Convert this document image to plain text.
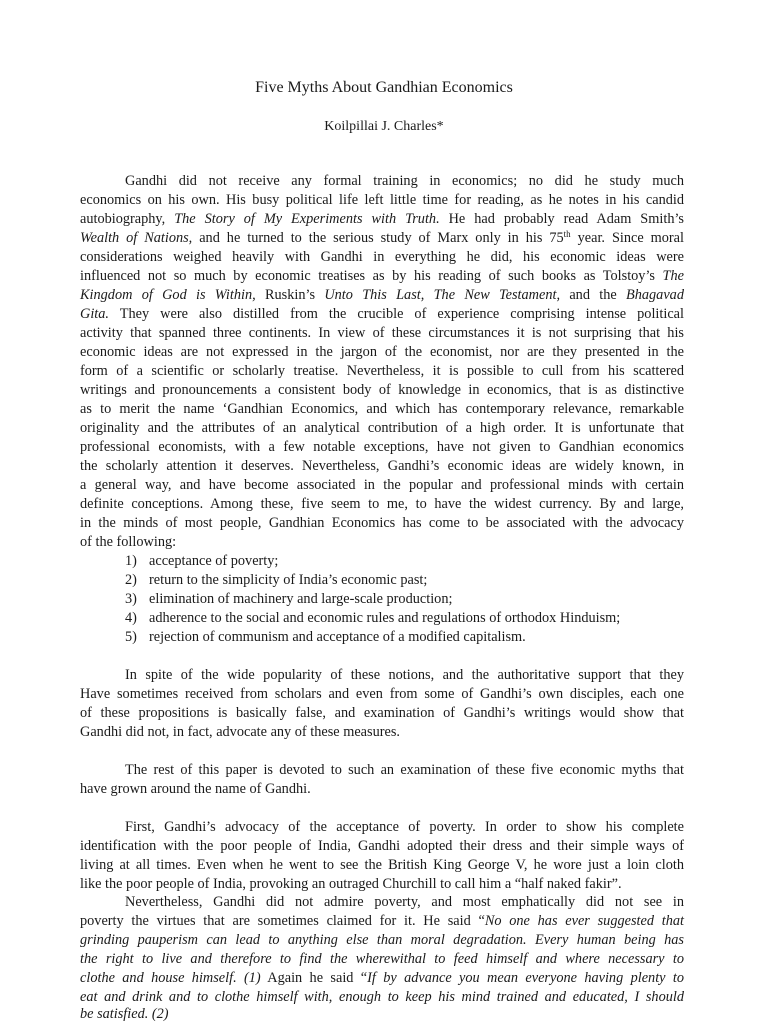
Five Myths About Gandhian Economics
Koilpillai J. Charles*
Gandhi did not receive any formal training in economics; no did he study much
economics on his own. His busy political life left little time for reading, as he notes in his candid
autobiography, The Story of My Experiments with Truth. He had probably read Adam Smith’s
Wealth of Nations, and he turned to the serious study of Marx only in his 75th year. Since moral
considerations weighed heavily with Gandhi in everything he did, his economic ideas were
influenced not so much by economic treatises as by his reading of such books as Tolstoy’s The
Kingdom of God is Within, Ruskin’s Unto This Last, The New Testament, and the Bhagavad
Gita. They were also distilled from the crucible of experience comprising intense political
activity that spanned three continents. In view of these circumstances it is not surprising that his
economic ideas are not expressed in the jargon of the economist, nor are they presented in the
form of a scientific or scholarly treatise. Nevertheless, it is possible to cull from his scattered
writings and pronouncements a consistent body of knowledge in economics, that is as distinctive
as to merit the name ‘Gandhian Economics, and which has contemporary relevance, remarkable
originality and the attributes of an analytical contribution of a high order. It is unfortunate that
professional economists, with a few notable exceptions, have not given to Gandhian economics
the scholarly attention it deserves. Nevertheless, Gandhi’s economic ideas are widely known, in
a general way, and have become associated in the popular and professional minds with certain
definite conceptions. Among these, five seem to me, to have the widest currency. By and large,
in the minds of most people, Gandhian Economics has come to be associated with the advocacy
of the following:
1) acceptance of poverty;
2) return to the simplicity of India’s economic past;
3) elimination of machinery and large-scale production;
4) adherence to the social and economic rules and regulations of orthodox Hinduism;
5) rejection of communism and acceptance of a modified capitalism.
In spite of the wide popularity of these notions, and the authoritative support that they
Have sometimes received from scholars and even from some of Gandhi’s own disciples, each one
of these propositions is basically false, and examination of Gandhi’s writings would show that
Gandhi did not, in fact, advocate any of these measures.
The rest of this paper is devoted to such an examination of these five economic myths that
have grown around the name of Gandhi.
First, Gandhi’s advocacy of the acceptance of poverty. In order to show his complete
identification with the poor people of India, Gandhi adopted their dress and their simple ways of
living at all times. Even when he went to see the British King George V, he wore just a loin cloth
like the poor people of India, provoking an outraged Churchill to call him a “half naked fakir”.
Nevertheless, Gandhi did not admire poverty, and most emphatically did not see in
poverty the virtues that are sometimes claimed for it. He said “No one has ever suggested that
grinding pauperism can lead to anything else than moral degradation. Every human being has
the right to live and therefore to find the wherewithal to feed himself and where necessary to
clothe and house himself. (1) Again he said “If by advance you mean everyone having plenty to
eat and drink and to clothe himself with, enough to keep his mind trained and educated, I should
be satisfied. (2)
